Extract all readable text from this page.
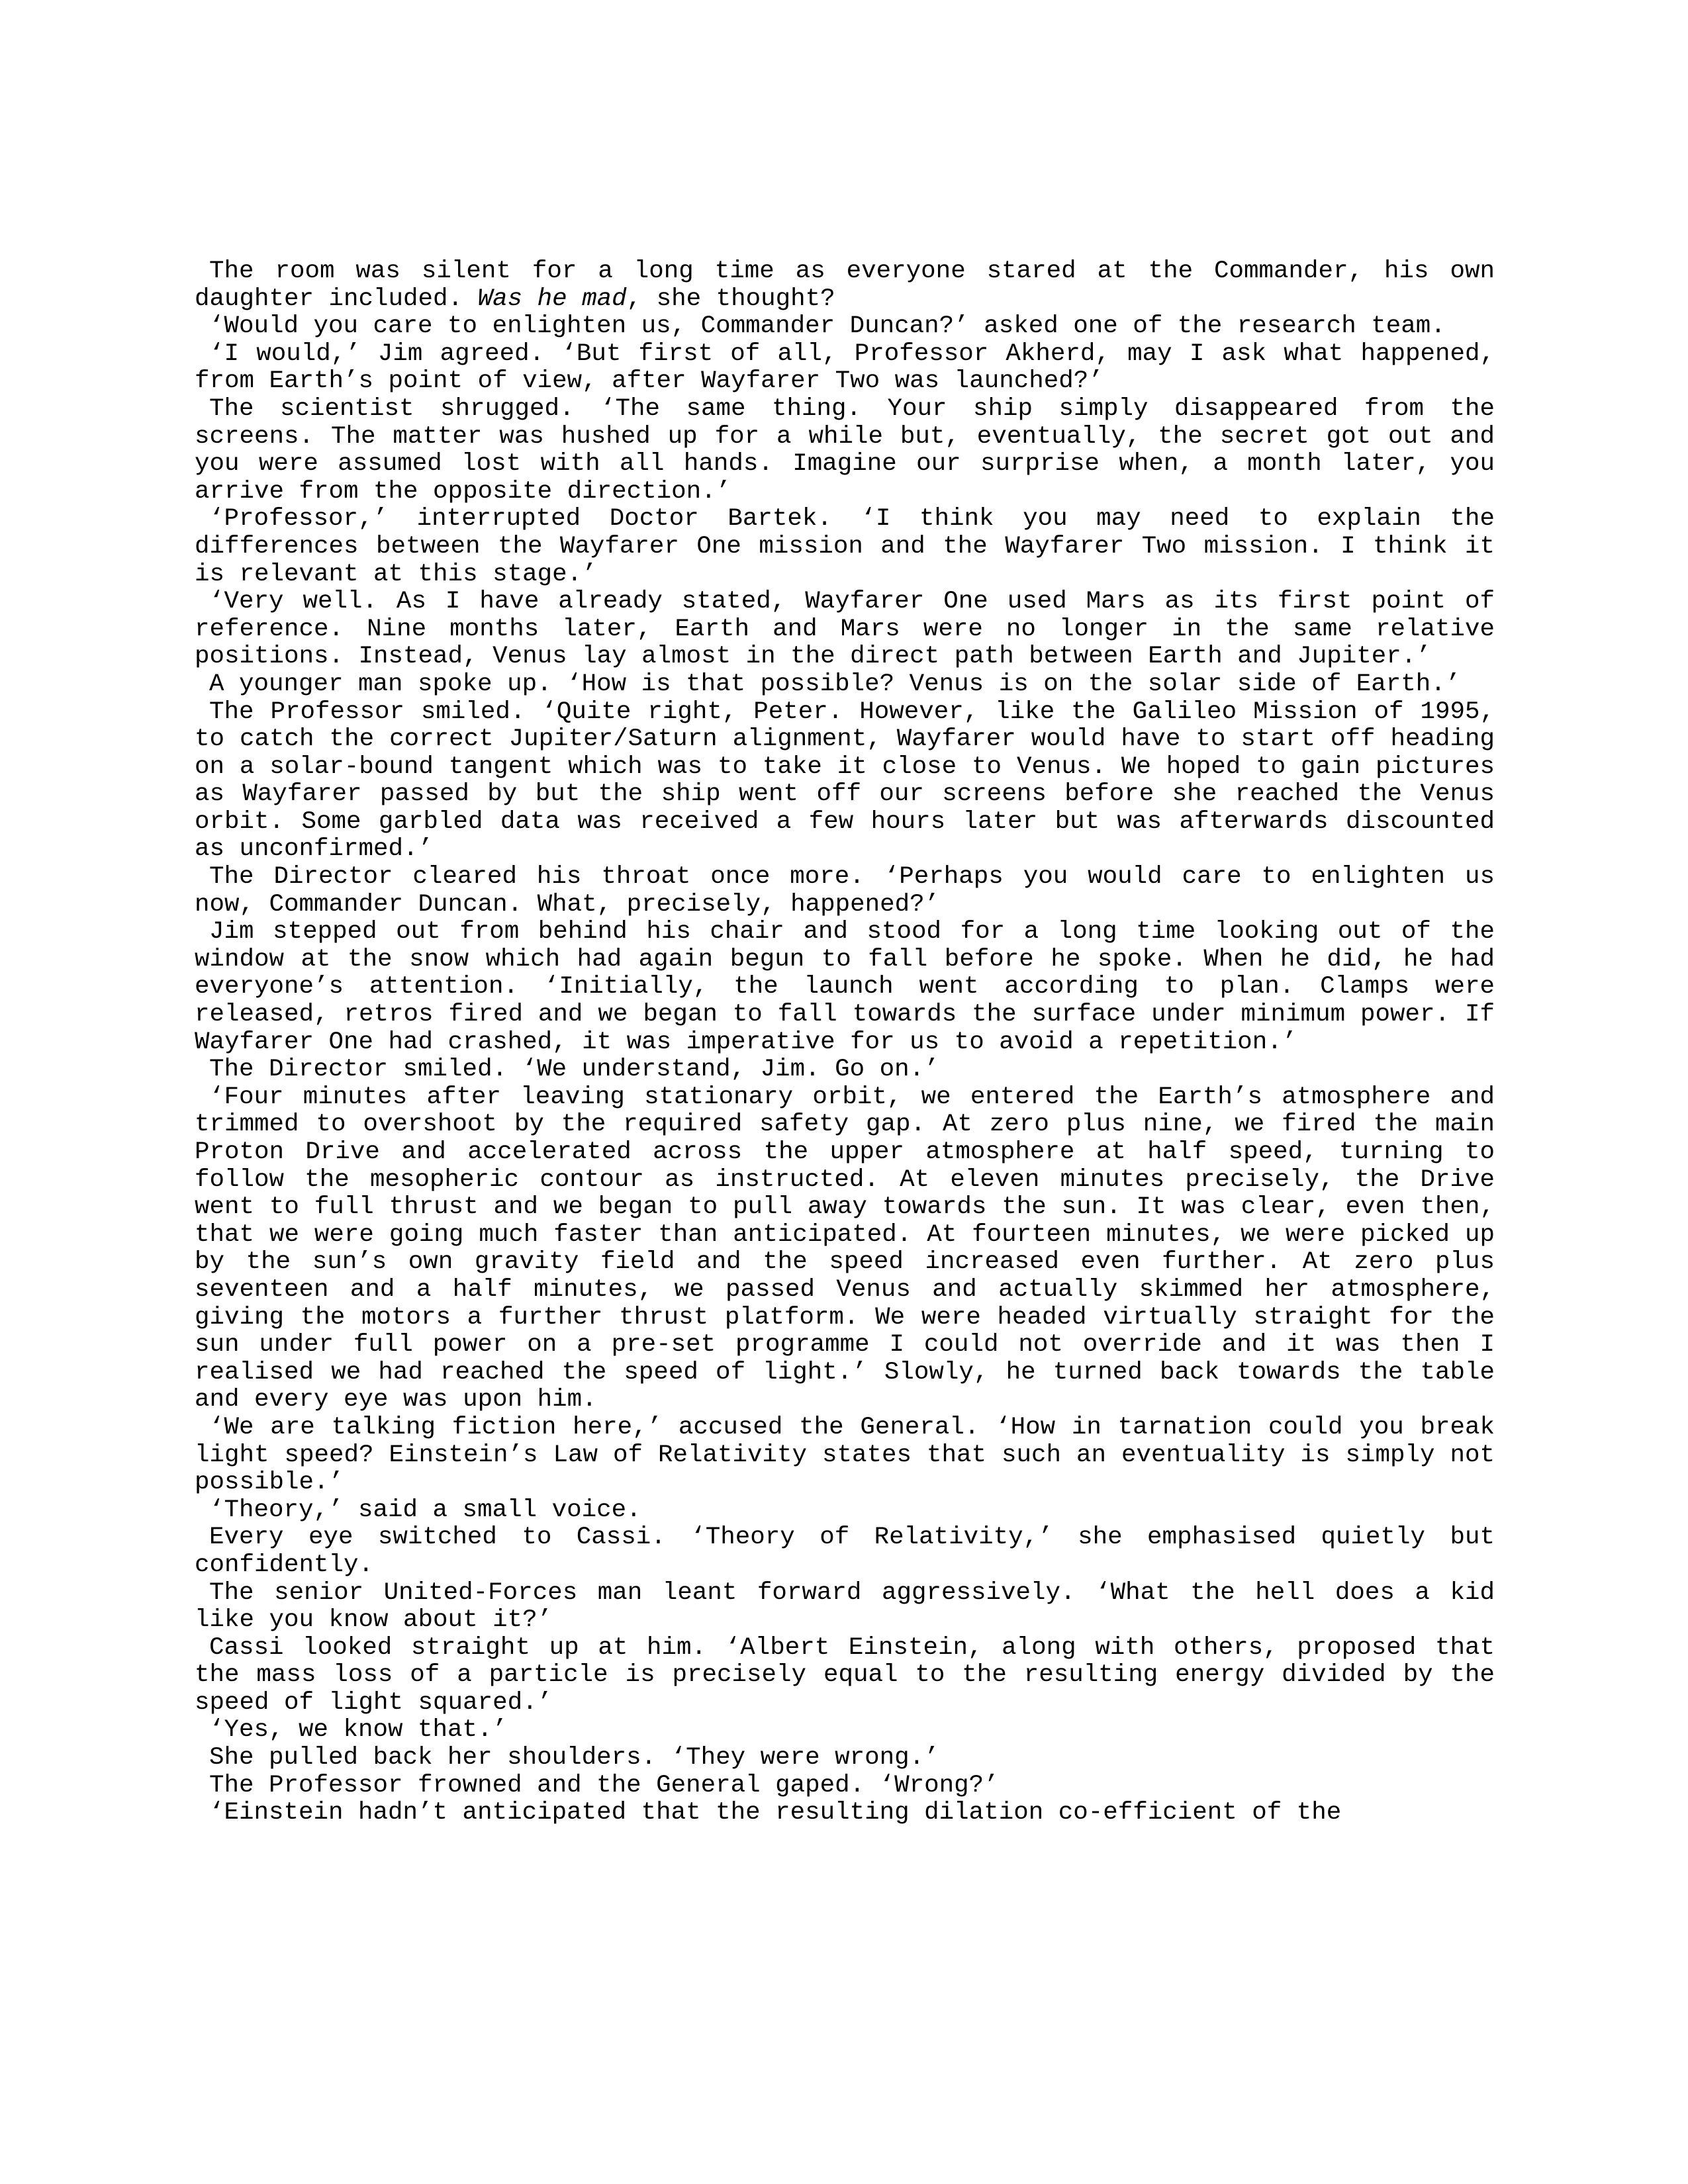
The room was silent for a long time as everyone stared at the Commander, his own daughter included. Was he mad, she thought?

‘Would you care to enlighten us, Commander Duncan?’ asked one of the research team.

‘I would,’ Jim agreed. ‘But first of all, Professor Akherd, may I ask what happened, from Earth’s point of view, after Wayfarer Two was launched?’

The scientist shrugged. ‘The same thing. Your ship simply disappeared from the screens. The matter was hushed up for a while but, eventually, the secret got out and you were assumed lost with all hands. Imagine our surprise when, a month later, you arrive from the opposite direction.’

‘Professor,’ interrupted Doctor Bartek. ‘I think you may need to explain the differences between the Wayfarer One mission and the Wayfarer Two mission. I think it is relevant at this stage.’

‘Very well. As I have already stated, Wayfarer One used Mars as its first point of reference. Nine months later, Earth and Mars were no longer in the same relative positions. Instead, Venus lay almost in the direct path between Earth and Jupiter.’

A younger man spoke up. ‘How is that possible? Venus is on the solar side of Earth.’

The Professor smiled. ‘Quite right, Peter. However, like the Galileo Mission of 1995, to catch the correct Jupiter/Saturn alignment, Wayfarer would have to start off heading on a solar-bound tangent which was to take it close to Venus. We hoped to gain pictures as Wayfarer passed by but the ship went off our screens before she reached the Venus orbit. Some garbled data was received a few hours later but was afterwards discounted as unconfirmed.’

The Director cleared his throat once more. ‘Perhaps you would care to enlighten us now, Commander Duncan. What, precisely, happened?’

Jim stepped out from behind his chair and stood for a long time looking out of the window at the snow which had again begun to fall before he spoke. When he did, he had everyone’s attention. ‘Initially, the launch went according to plan. Clamps were released, retros fired and we began to fall towards the surface under minimum power. If Wayfarer One had crashed, it was imperative for us to avoid a repetition.’

The Director smiled. ‘We understand, Jim. Go on.’

‘Four minutes after leaving stationary orbit, we entered the Earth’s atmosphere and trimmed to overshoot by the required safety gap. At zero plus nine, we fired the main Proton Drive and accelerated across the upper atmosphere at half speed, turning to follow the mesopheric contour as instructed. At eleven minutes precisely, the Drive went to full thrust and we began to pull away towards the sun. It was clear, even then, that we were going much faster than anticipated. At fourteen minutes, we were picked up by the sun’s own gravity field and the speed increased even further. At zero plus seventeen and a half minutes, we passed Venus and actually skimmed her atmosphere, giving the motors a further thrust platform. We were headed virtually straight for the sun under full power on a pre-set programme I could not override and it was then I realised we had reached the speed of light.’ Slowly, he turned back towards the table and every eye was upon him.

‘We are talking fiction here,’ accused the General. ‘How in tarnation could you break light speed? Einstein’s Law of Relativity states that such an eventuality is simply not possible.’

‘Theory,’ said a small voice.

Every eye switched to Cassi. ‘Theory of Relativity,’ she emphasised quietly but confidently.

The senior United-Forces man leant forward aggressively. ‘What the hell does a kid like you know about it?’

Cassi looked straight up at him. ‘Albert Einstein, along with others, proposed that the mass loss of a particle is precisely equal to the resulting energy divided by the speed of light squared.’

‘Yes, we know that.’

She pulled back her shoulders. ‘They were wrong.’

The Professor frowned and the General gaped. ‘Wrong?’

‘Einstein hadn’t anticipated that the resulting dilation co-efficient of the
